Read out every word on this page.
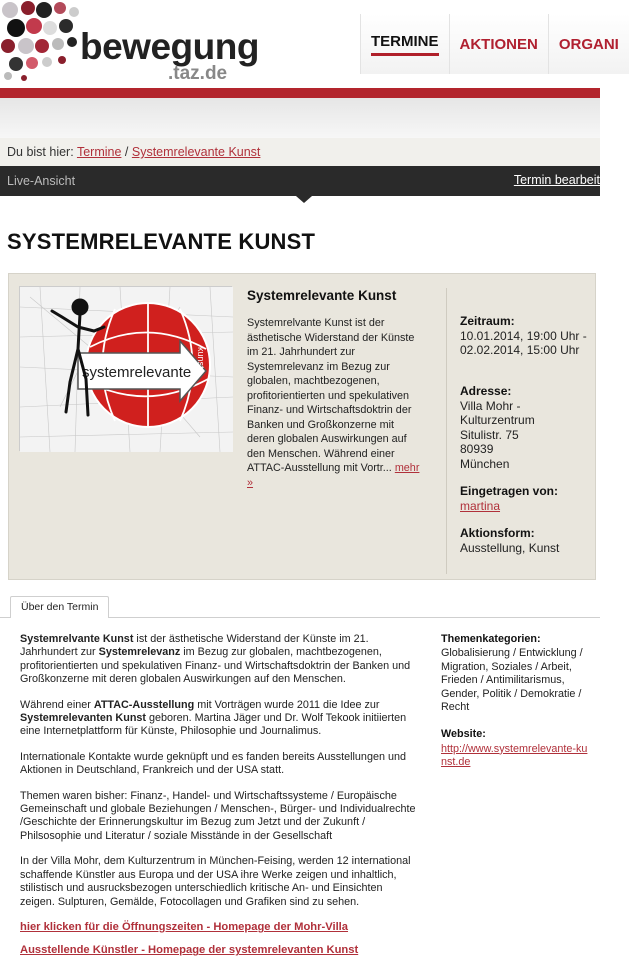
bewegung
.taz.de
TERMINE AKTIONEN ORGANI
Du bist hier: Termine / Systemrelevante Kunst
Live-Ansicht	Termin bearbeit
SYSTEMRELEVANTE KUNST
systemrelevante
kunst
Systemrelevante Kunst
Systemrelvante Kunst ist der ästhetische Widerstand der Künste im 21. Jahrhundert zur Systemrelevanz im Bezug zur globalen, machtbezogenen, profitorientierten und spekulativen Finanz- und Wirtschaftsdoktrin der Banken und Großkonzerne mit deren globalen Auswirkungen auf den Menschen. Während einer ATTAC-Ausstellung mit Vortr... mehr »
Zeitraum:
10.01.2014, 19:00 Uhr - 02.02.2014, 15:00 Uhr
Adresse:
Villa Mohr -
Kulturzentrum
Situlistr. 75
80939
München
Eingetragen von:
martina
Aktionsform:
Ausstellung, Kunst
Über den Termin

Systemrelvante Kunst ist der ästhetische Widerstand der Künste im 21. Jahrhundert zur Systemrelevanz im Bezug zur globalen, machtbezogenen, profitorientierten und spekulativen Finanz- und Wirtschaftsdoktrin der Banken und Großkonzerne mit deren globalen Auswirkungen auf den Menschen.

Während einer ATTAC-Ausstellung mit Vorträgen wurde 2011 die Idee zur Systemrelevanten Kunst geboren. Martina Jäger und Dr. Wolf Tekook initiierten eine Internetplattform für Künste, Philosophie und Journalimus.

Internationale Kontakte wurde geknüpft und es fanden bereits Ausstellungen und Aktionen in Deutschland, Frankreich und der USA statt.

Themen waren bisher: Finanz-, Handel- und Wirtschaftssysteme / Europäische Gemeinschaft und globale Beziehungen / Menschen-, Bürger- und Individualrechte /Geschichte der Erinnerungskultur im Bezug zum Jetzt und der Zukunft / Philsosophie und Literatur / soziale Misstände in der Gesellschaft

In der Villa Mohr, dem Kulturzentrum in München-Feising, werden 12 international schaffende Künstler aus Europa und der USA ihre Werke zeigen und inhaltlich, stilistisch und ausrucksbezogen unterschiedlich kritische An- und Einsichten zeigen. Sulpturen, Gemälde, Fotocollagen und Grafiken sind zu sehen.

hier klicken für die Öffnungszeiten - Homepage der Mohr-Villa
Ausstellende Künstler - Homepage der systemrelevanten Kunst
Themenkategorien:
Globalisierung / Entwicklung / Migration, Soziales / Arbeit, Frieden / Antimilitarismus, Gender, Politik / Demokratie / Recht
Website:
http://www.systemrelevante-kunst.de
